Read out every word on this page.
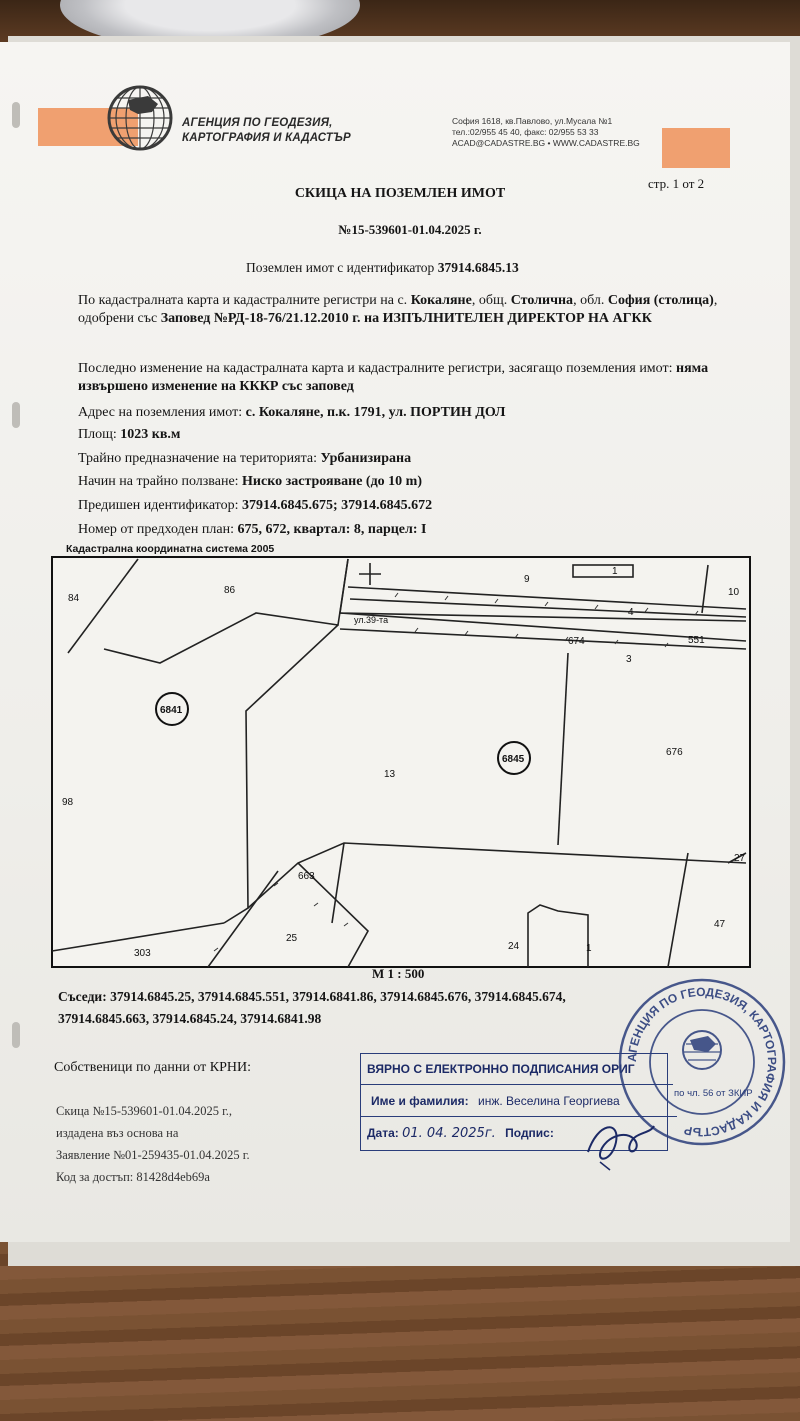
АГЕНЦИЯ ПО ГЕОДЕЗИЯ,
КАРТОГРАФИЯ И КАДАСТЪР
София 1618, кв.Павлово, ул.Мусала №1
тел.:02/955 45 40, факс: 02/955 53 33
ACAD@CADASTRE.BG • WWW.CADASTRE.BG
стр. 1 от 2
СКИЦА НА ПОЗЕМЛЕН ИМОТ
№15-539601-01.04.2025 г.
Поземлен имот с идентификатор 37914.6845.13
По кадастралната карта и кадастралните регистри на с. Кокаляне, общ. Столична, обл. София (столица), одобрени със Заповед №РД-18-76/21.12.2010 г. на ИЗПЪЛНИТЕЛЕН ДИРЕКТОР НА АГКК
Последно изменение на кадастралната карта и кадастралните регистри, засягащо поземления имот: няма извършено изменение на КККР със заповед
Адрес на поземления имот: с. Кокаляне, п.к. 1791, ул. ПОРТИН ДОЛ
Площ: 1023 кв.м
Трайно предназначение на територията: Урбанизирана
Начин на трайно ползване: Ниско застрояване (до 10 m)
Предишен идентификатор: 37914.6845.675; 37914.6845.672
Номер от предходен план: 675, 672, квартал: 8, парцел: I
Кадастрална координатна система 2005
6841
6845
84
86
9
1
10
4
ул.39-та
674	551
3
13
676
98
663
27
47
25
303
24	1
М 1 : 500
Съседи: 37914.6845.25, 37914.6845.551, 37914.6841.86, 37914.6845.676, 37914.6845.674,
37914.6845.663, 37914.6845.24, 37914.6841.98
Собственици по данни от КРНИ:
Скица №15-539601-01.04.2025 г.,
издадена въз основа на
Заявление №01-259435-01.04.2025 г.
Код за достъп: 81428d4eb69a
ВЯРНО С ЕЛЕКТРОННО ПОДПИСАНИЯ ОРИГ
Име и фамилия: инж. Веселина Георгиева
Дата: 01. 04. 2025г. Подпис:
АГЕНЦИЯ ПО ГЕОДЕЗИЯ, КАРТОГРАФИЯ И КАДАСТЪР
по чл. 56 от ЗКИР
